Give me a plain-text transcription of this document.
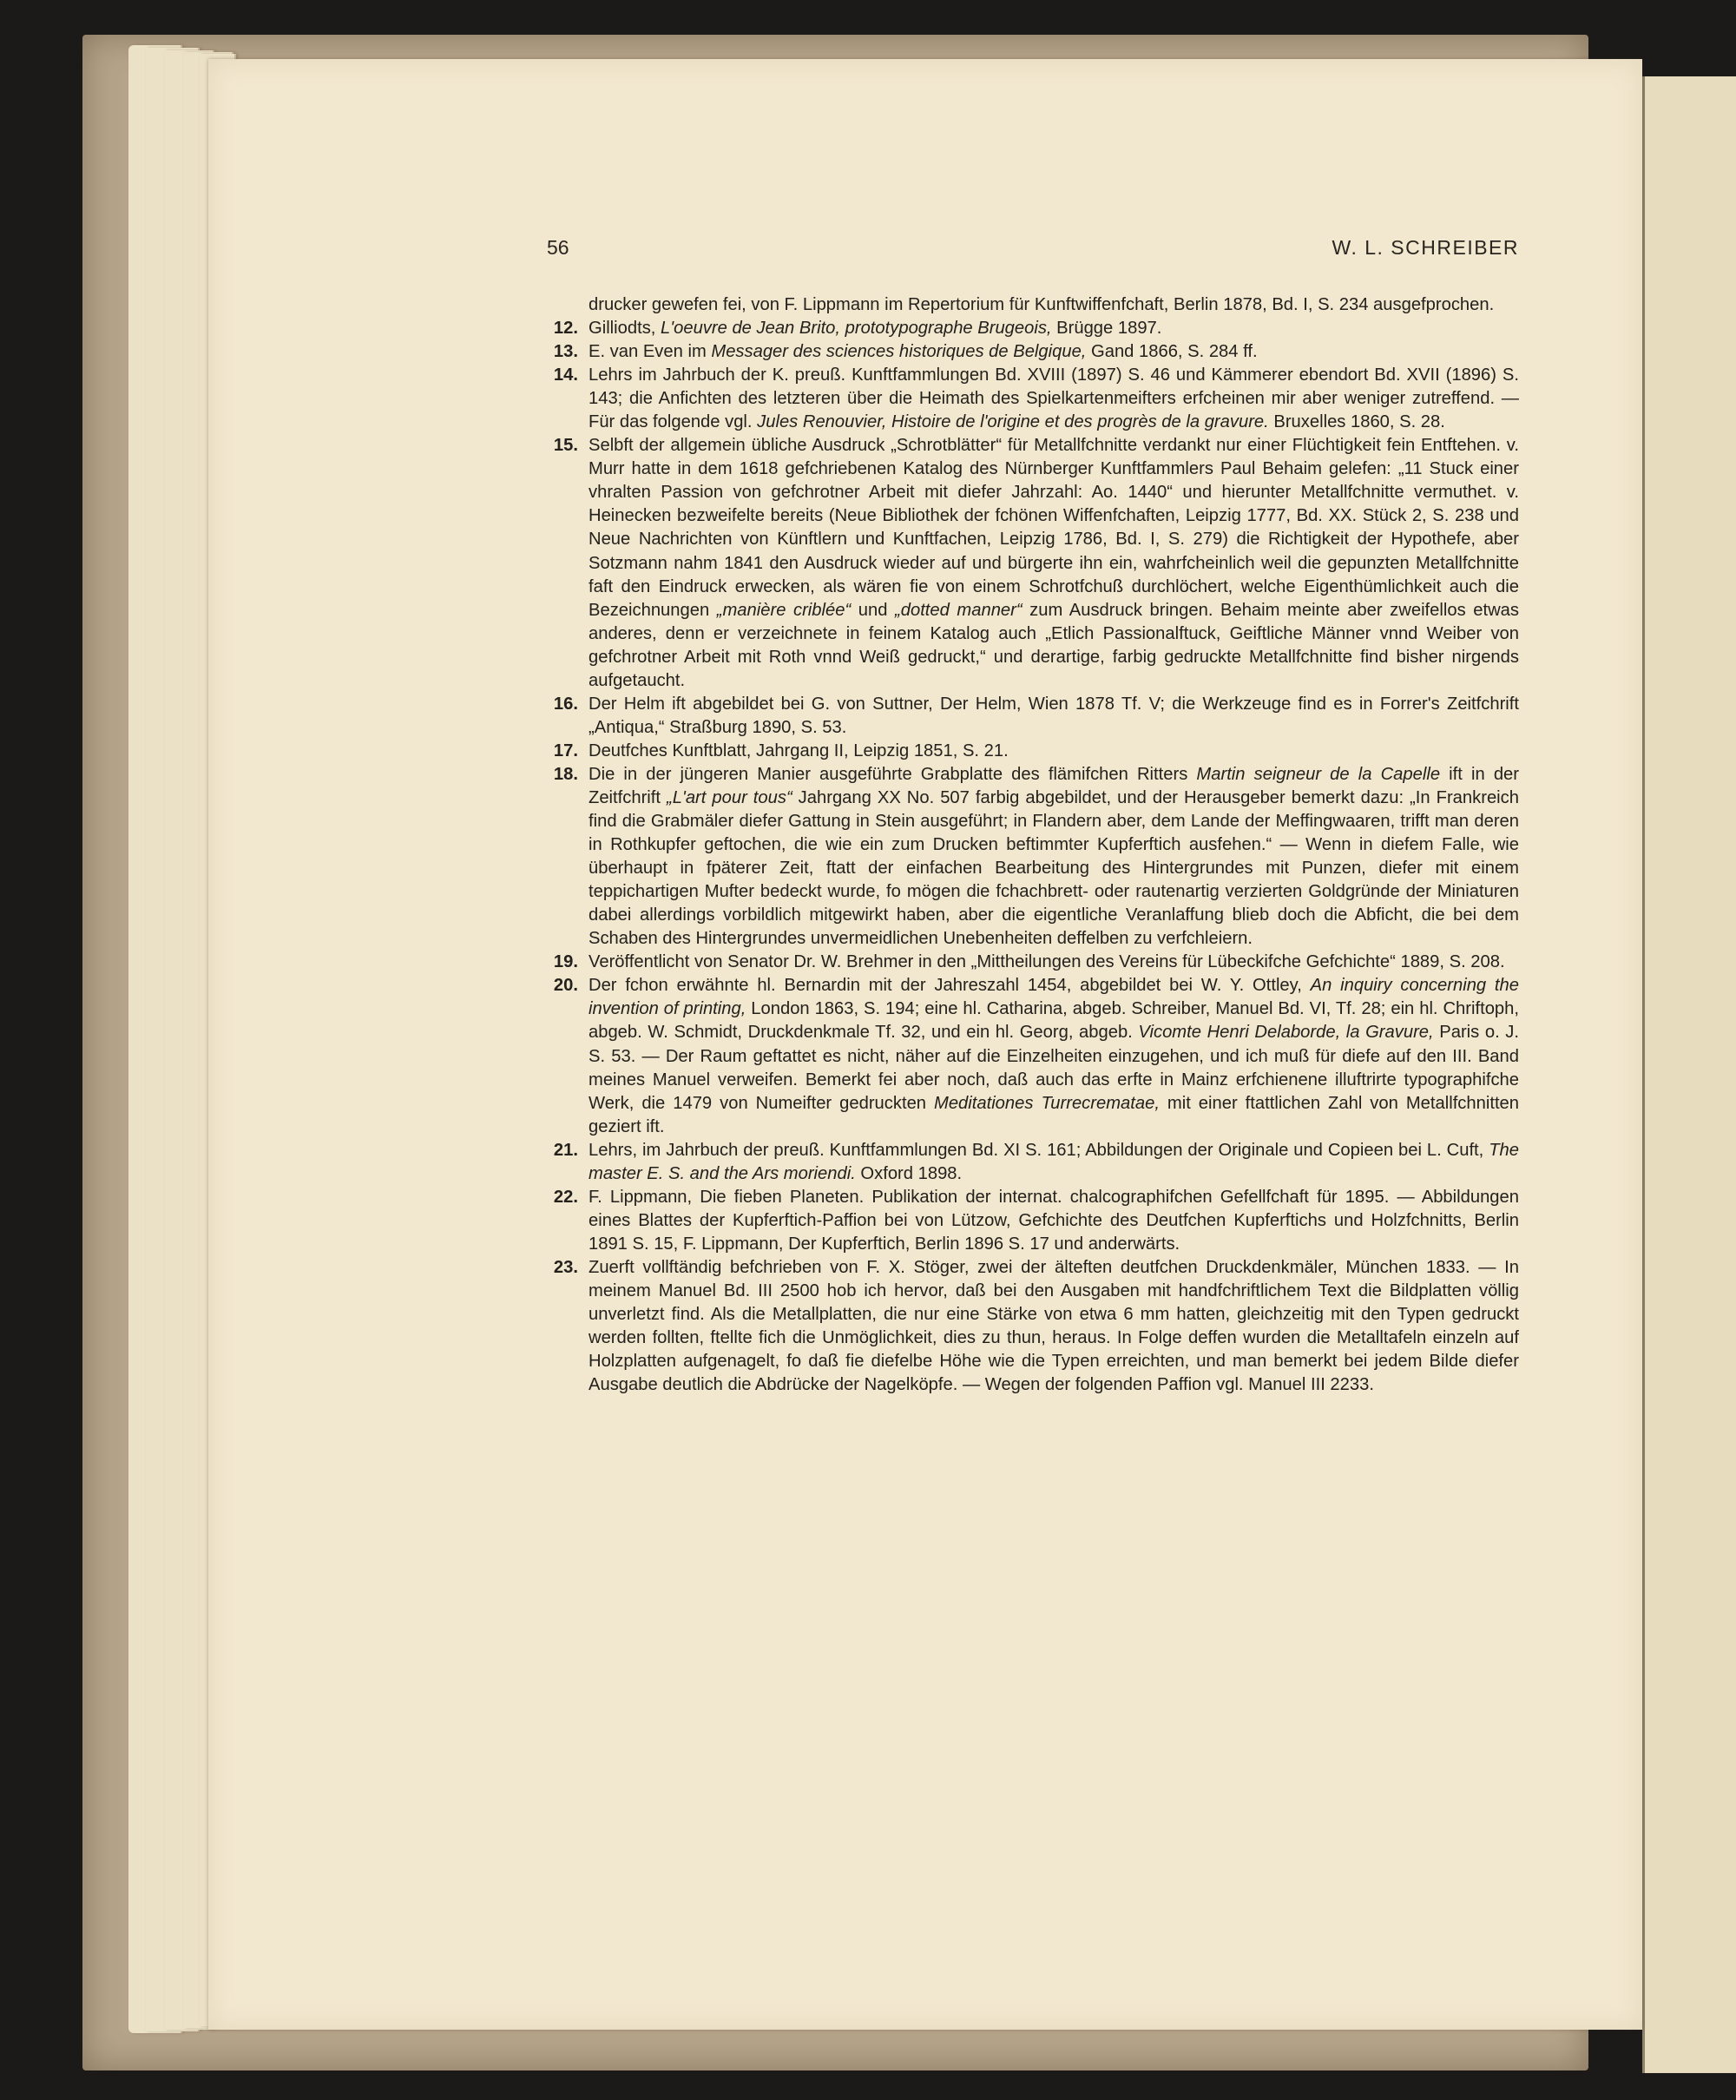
56	W. L. SCHREIBER
drucker gewefen fei, von F. Lippmann im Repertorium für Kunftwiffenfchaft, Berlin 1878, Bd. I, S. 234 ausgefprochen.
12. Gilliodts, L'oeuvre de Jean Brito, prototypographe Brugeois, Brügge 1897.
13. E. van Even im Messager des sciences historiques de Belgique, Gand 1866, S. 284 ff.
14. Lehrs im Jahrbuch der K. preuß. Kunftfammlungen Bd. XVIII (1897) S. 46 und Kämmerer ebendort Bd. XVII (1896) S. 143; die Anfichten des letzteren über die Heimath des Spielkartenmeifters erfcheinen mir aber weniger zutreffend. — Für das folgende vgl. Jules Renouvier, Histoire de l'origine et des progrès de la gravure. Bruxelles 1860, S. 28.
15. Selbft der allgemein übliche Ausdruck „Schrotblätter“ für Metallfchnitte verdankt nur einer Flüchtigkeit fein Entftehen. v. Murr hatte in dem 1618 gefchriebenen Katalog des Nürnberger Kunftfammlers Paul Behaim gelefen: „11 Stuck einer vhralten Passion von gefchrotner Arbeit mit diefer Jahrzahl: Ao. 1440“ und hierunter Metallfchnitte vermuthet. v. Heinecken bezweifelte bereits (Neue Bibliothek der fchönen Wiffenfchaften, Leipzig 1777, Bd. XX. Stück 2, S. 238 und Neue Nachrichten von Künftlern und Kunftfachen, Leipzig 1786, Bd. I, S. 279) die Richtigkeit der Hypothefe, aber Sotzmann nahm 1841 den Ausdruck wieder auf und bürgerte ihn ein, wahrfcheinlich weil die gepunzten Metallfchnitte faft den Eindruck erwecken, als wären fie von einem Schrotfchuß durchlöchert, welche Eigenthümlichkeit auch die Bezeichnungen „manière criblée“ und „dotted manner“ zum Ausdruck bringen. Behaim meinte aber zweifellos etwas anderes, denn er verzeichnete in feinem Katalog auch „Etlich Passionalftuck, Geiftliche Männer vnnd Weiber von gefchrotner Arbeit mit Roth vnnd Weiß gedruckt,“ und derartige, farbig gedruckte Metallfchnitte find bisher nirgends aufgetaucht.
16. Der Helm ift abgebildet bei G. von Suttner, Der Helm, Wien 1878 Tf. V; die Werkzeuge find es in Forrer's Zeitfchrift „Antiqua,“ Straßburg 1890, S. 53.
17. Deutfches Kunftblatt, Jahrgang II, Leipzig 1851, S. 21.
18. Die in der jüngeren Manier ausgeführte Grabplatte des flämifchen Ritters Martin seigneur de la Capelle ift in der Zeitfchrift „L'art pour tous“ Jahrgang XX No. 507 farbig abgebildet, und der Herausgeber bemerkt dazu: „In Frankreich find die Grabmäler diefer Gattung in Stein ausgeführt; in Flandern aber, dem Lande der Meffingwaaren, trifft man deren in Rothkupfer geftochen, die wie ein zum Drucken beftimmter Kupferftich ausfehen.“ — Wenn in diefem Falle, wie überhaupt in fpäterer Zeit, ftatt der einfachen Bearbeitung des Hintergrundes mit Punzen, diefer mit einem teppichartigen Mufter bedeckt wurde, fo mögen die fchachbrett- oder rautenartig verzierten Goldgründe der Miniaturen dabei allerdings vorbildlich mitgewirkt haben, aber die eigentliche Veranlaffung blieb doch die Abficht, die bei dem Schaben des Hintergrundes unvermeidlichen Unebenheiten deffelben zu verfchleiern.
19. Veröffentlicht von Senator Dr. W. Brehmer in den „Mittheilungen des Vereins für Lübeckifche Gefchichte“ 1889, S. 208.
20. Der fchon erwähnte hl. Bernardin mit der Jahreszahl 1454, abgebildet bei W. Y. Ottley, An inquiry concerning the invention of printing, London 1863, S. 194; eine hl. Catharina, abgeb. Schreiber, Manuel Bd. VI, Tf. 28; ein hl. Chriftoph, abgeb. W. Schmidt, Druckdenkmale Tf. 32, und ein hl. Georg, abgeb. Vicomte Henri Delaborde, la Gravure, Paris o. J. S. 53. — Der Raum geftattet es nicht, näher auf die Einzelheiten einzugehen, und ich muß für diefe auf den III. Band meines Manuel verweifen. Bemerkt fei aber noch, daß auch das erfte in Mainz erfchienene illuftrirte typographifche Werk, die 1479 von Numeifter gedruckten Meditationes Turrecrematae, mit einer ftattlichen Zahl von Metallfchnitten geziert ift.
21. Lehrs, im Jahrbuch der preuß. Kunftfammlungen Bd. XI S. 161; Abbildungen der Originale und Copieen bei L. Cuft, The master E. S. and the Ars moriendi. Oxford 1898.
22. F. Lippmann, Die fieben Planeten. Publikation der internat. chalcographifchen Gefellfchaft für 1895. — Abbildungen eines Blattes der Kupferftich-Paffion bei von Lützow, Gefchichte des Deutfchen Kupferftichs und Holzfchnitts, Berlin 1891 S. 15, F. Lippmann, Der Kupferftich, Berlin 1896 S. 17 und anderwärts.
23. Zuerft vollftändig befchrieben von F. X. Stöger, zwei der älteften deutfchen Druckdenkmäler, München 1833. — In meinem Manuel Bd. III 2500 hob ich hervor, daß bei den Ausgaben mit handfchriftlichem Text die Bildplatten völlig unverletzt find. Als die Metallplatten, die nur eine Stärke von etwa 6 mm hatten, gleichzeitig mit den Typen gedruckt werden follten, ftellte fich die Unmöglichkeit, dies zu thun, heraus. In Folge deffen wurden die Metalltafeln einzeln auf Holzplatten aufgenagelt, fo daß fie diefelbe Höhe wie die Typen erreichten, und man bemerkt bei jedem Bilde diefer Ausgabe deutlich die Abdrücke der Nagelköpfe. — Wegen der folgenden Paffion vgl. Manuel III 2233.
